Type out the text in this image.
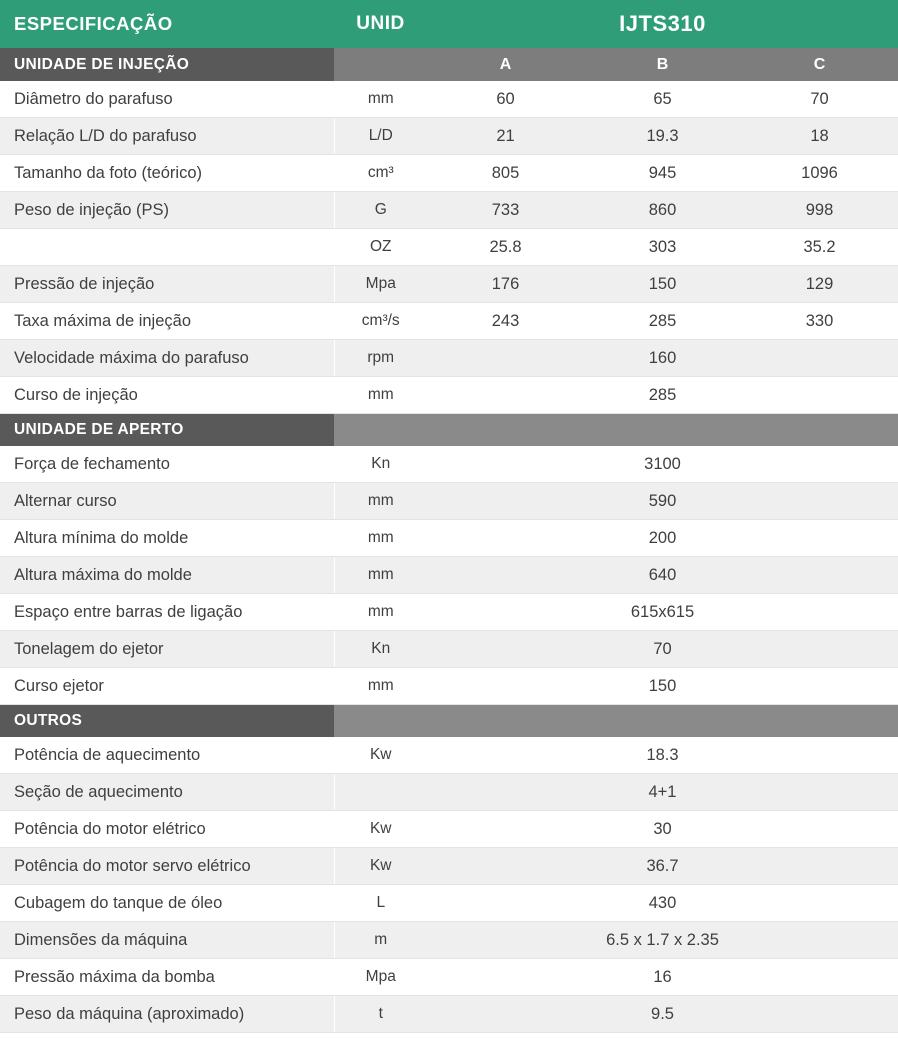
ESPECIFICAÇÃO	UNID	IJTS310		
UNIDADE DE INJEÇÃO		A	B	C
Diâmetro do parafuso	mm	60	65	70
Relação L/D do parafuso	L/D	21	19.3	18
Tamanho da foto (teórico)	cm³	805	945	1096
Peso de injeção (PS)	G	733	860	998
	OZ	25.8	303	35.2
Pressão de injeção	Mpa	176	150	129
Taxa máxima de injeção	cm³/s	243	285	330
Velocidade máxima do parafuso	rpm	160		
Curso de injeção	mm	285		
UNIDADE DE APERTO				
Força de fechamento	Kn	3100		
Alternar curso	mm	590		
Altura mínima do molde	mm	200		
Altura máxima do molde	mm	640		
Espaço entre barras de ligação	mm	615x615		
Tonelagem do ejetor	Kn	70		
Curso ejetor	mm	150		
OUTROS				
Potência de aquecimento	Kw	18.3		
Seção de aquecimento		4+1		
Potência do motor elétrico	Kw	30		
Potência do motor servo elétrico	Kw	36.7		
Cubagem do tanque de óleo	L	430		
Dimensões da máquina	m	6.5 x 1.7 x 2.35		
Pressão máxima da bomba	Mpa	16		
Peso da máquina (aproximado)	t	9.5		
